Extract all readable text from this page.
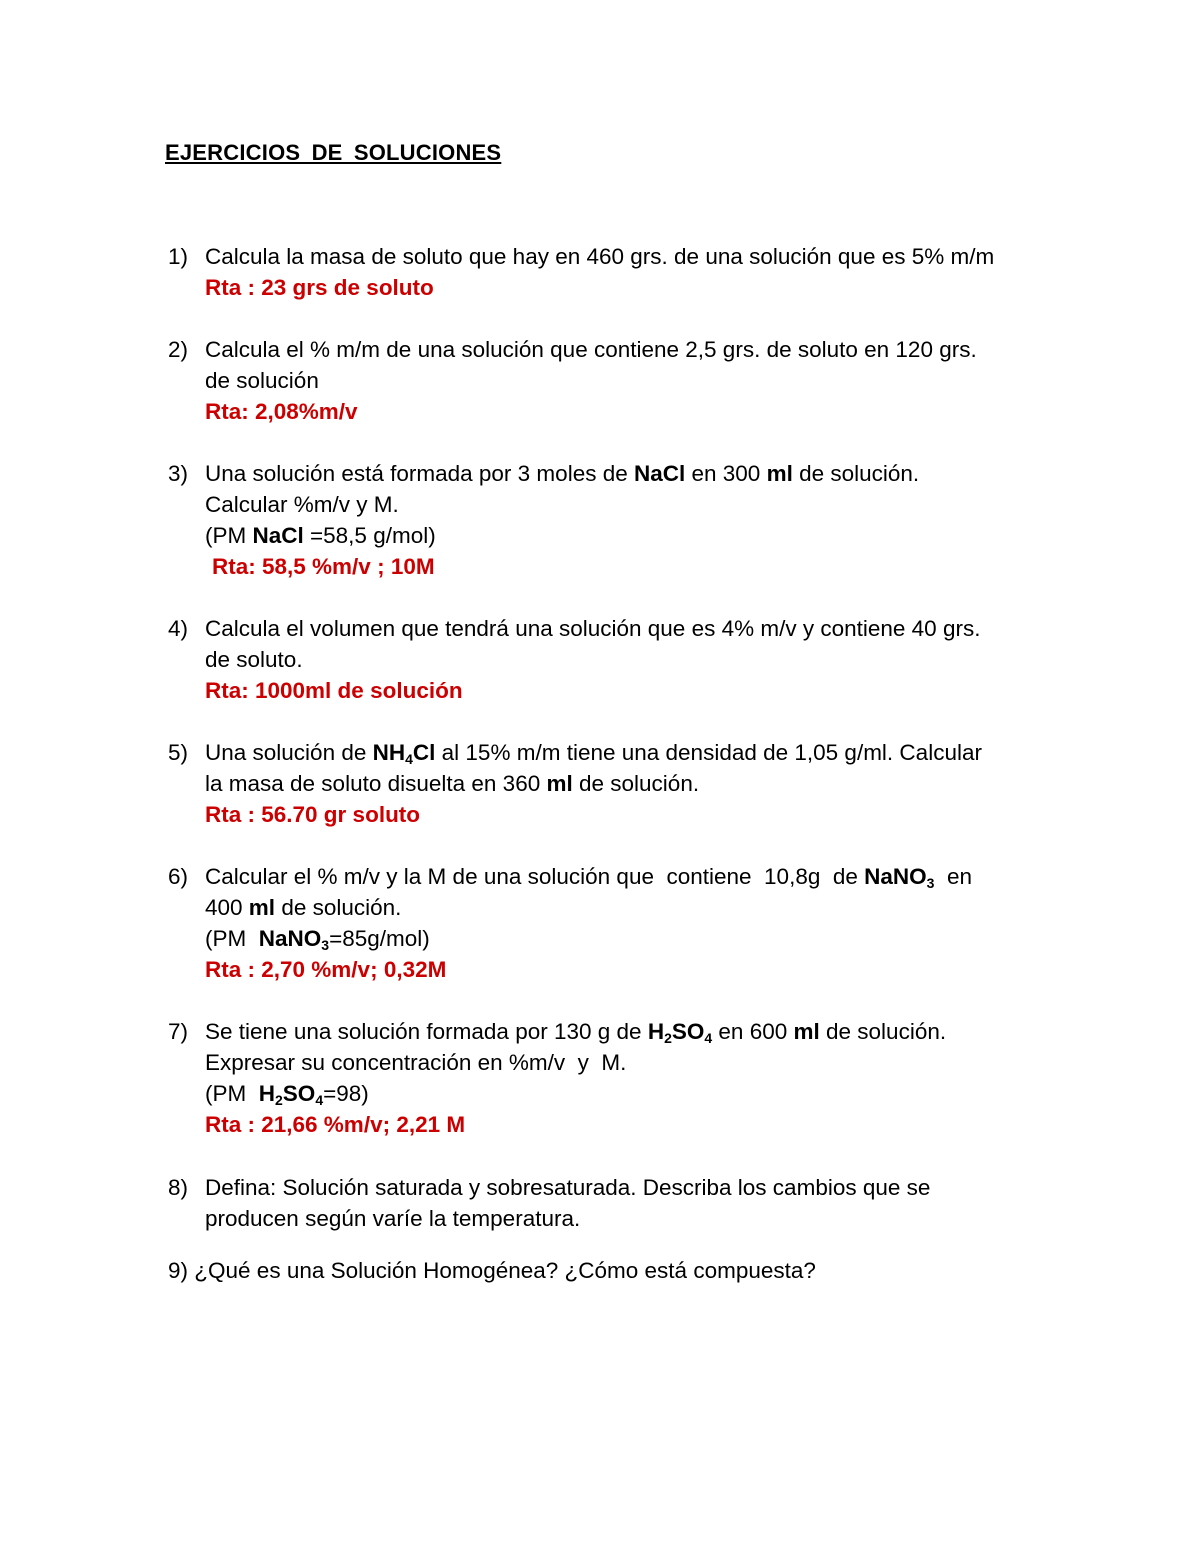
EJERCICIOS DE SOLUCIONES
1) Calcula la masa de soluto que hay en 460 grs. de una solución que es 5% m/m
Rta : 23 grs de soluto
2) Calcula el % m/m de una solución que contiene 2,5 grs. de soluto en 120 grs.
de solución
Rta: 2,08%m/v
3) Una solución está formada por 3 moles de NaCl en 300 ml de solución.
Calcular %m/v y M.
(PM NaCl =58,5 g/mol)
Rta: 58,5 %m/v ; 10M
4) Calcula el volumen que tendrá una solución que es 4% m/v y contiene 40 grs.
de soluto.
Rta: 1000ml de solución
5) Una solución de $NH_4Cl$ al 15% m/m tiene una densidad de 1,05 g/ml. Calcular
la masa de soluto disuelta en 360 ml de solución.
Rta : 56.70 gr soluto
6) Calcular el % m/v y la M de una solución que  contiene  10,8g  de NaNO$_3$  en
400 ml de solución.
(PM  NaNO$_3$=85g/mol)
Rta : 2,70 %m/v; 0,32M
7) Se tiene una solución formada por 130 g de $H_2SO_4$ en 600 ml de solución.
Expresar su concentración en %m/v  y  M.
(PM  $H_2SO_4=98$)
Rta : 21,66 %m/v; 2,21 M
8) Defina: Solución saturada y sobresaturada. Describa los cambios que se
producen según varíe la temperatura.
9) ¿Qué es una Solución Homogénea? ¿Cómo está compuesta?
